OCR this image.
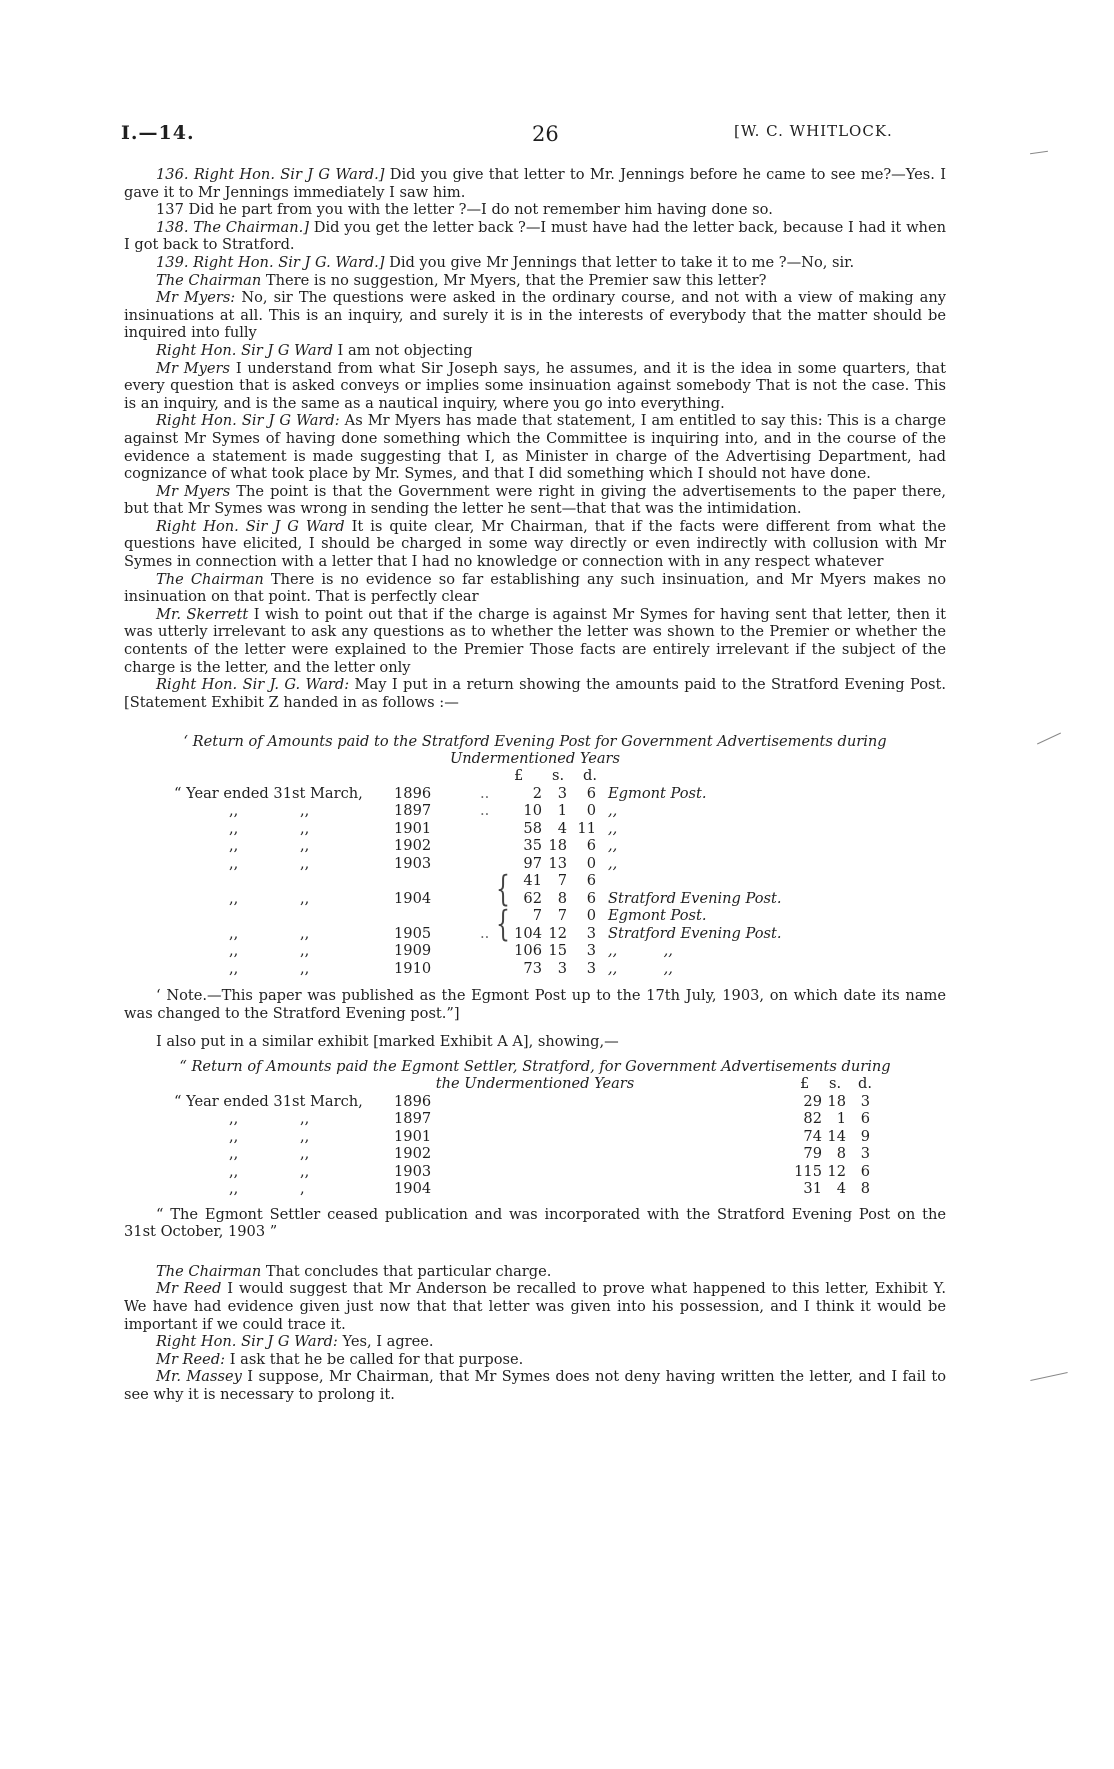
I.—14.	26	[W. C. WHITLOCK.

136. Right Hon. Sir J G Ward.] Did you give that letter to Mr. Jennings before he came to see me?—Yes. I gave it to Mr Jennings immediately I saw him.

137 Did he part from you with the letter ?—I do not remember him having done so.

138. The Chairman.] Did you get the letter back ?—I must have had the letter back, because I had it when I got back to Stratford.

139. Right Hon. Sir J G. Ward.] Did you give Mr Jennings that letter to take it to me ?—No, sir.

The Chairman There is no suggestion, Mr Myers, that the Premier saw this letter?

Mr Myers: No, sir The questions were asked in the ordinary course, and not with a view of making any insinuations at all. This is an inquiry, and surely it is in the interests of everybody that the matter should be inquired into fully

Right Hon. Sir J G Ward I am not objecting

Mr Myers I understand from what Sir Joseph says, he assumes, and it is the idea in some quarters, that every question that is asked conveys or implies some insinuation against somebody That is not the case. This is an inquiry, and is the same as a nautical inquiry, where you go into everything.

Right Hon. Sir J G Ward: As Mr Myers has made that statement, I am entitled to say this: This is a charge against Mr Symes of having done something which the Committee is inquiring into, and in the course of the evidence a statement is made suggesting that I, as Minister in charge of the Advertising Department, had cognizance of what took place by Mr. Symes, and that I did something which I should not have done.

Mr Myers The point is that the Government were right in giving the advertisements to the paper there, but that Mr Symes was wrong in sending the letter he sent—that that was the intimidation.

Right Hon. Sir J G Ward It is quite clear, Mr Chairman, that if the facts were different from what the questions have elicited, I should be charged in some way directly or even indirectly with collusion with Mr Symes in connection with a letter that I had no knowledge or connection with in any respect whatever

The Chairman There is no evidence so far establishing any such insinuation, and Mr Myers makes no insinuation on that point. That is perfectly clear

Mr. Skerrett I wish to point out that if the charge is against Mr Symes for having sent that letter, then it was utterly irrelevant to ask any questions as to whether the letter was shown to the Premier or whether the contents of the letter were explained to the Premier Those facts are entirely irrelevant if the subject of the charge is the letter, and the letter only

Right Hon. Sir J. G. Ward: May I put in a return showing the amounts paid to the Stratford Evening Post. [Statement Exhibit Z handed in as follows :—

‘ Return of Amounts paid to the Stratford Evening Post for Government Advertisements during

Undermentioned Years

£ s. d.
“ Year ended 31st March, 1896	..	2	3	6 Egmont Post.
,,	,,	1897	..	10	1	0 ,,
,,	,,	1901	58	4 11 ,,
,,	,,	1902	35 18	6 ,,
,,	,,	1903	97 13	0 ,,
41	7	6
,,	,,	1904	62	8	6 Stratford Evening Post.
7	7	0 Egmont Post.
,,	,,	1905	..	104 12	3 Stratford Evening Post.
,,	,,	1909	106 15	3 ,,          ,,
,,	,,	1910	73	3	3 ,,          ,,
{
{

‘ Note.—This paper was published as the Egmont Post up to the 17th July, 1903, on which date its name was changed to the Stratford Evening post.”]

I also put in a similar exhibit [marked Exhibit A A], showing,—

“ Return of Amounts paid the Egmont Settler, Stratford, for Government Advertisements during

the Undermentioned Years	£ s. d.
“ Year ended 31st March, 1896	29 18	3
,,	,,	1897	82	1	6
,,	,,	1901	74 14	9
,,	,,	1902	79	8	3
,,	,,	1903	115 12	6
,,	,	1904	31	4	8

“ The Egmont Settler ceased publication and was incorporated with the Stratford Evening Post on the 31st October, 1903 ”

The Chairman That concludes that particular charge.

Mr Reed I would suggest that Mr Anderson be recalled to prove what happened to this letter, Exhibit Y. We have had evidence given just now that that letter was given into his possession, and I think it would be important if we could trace it.

Right Hon. Sir J G Ward: Yes, I agree.

Mr Reed: I ask that he be called for that purpose.

Mr. Massey I suppose, Mr Chairman, that Mr Symes does not deny having written the letter, and I fail to see why it is necessary to prolong it.
